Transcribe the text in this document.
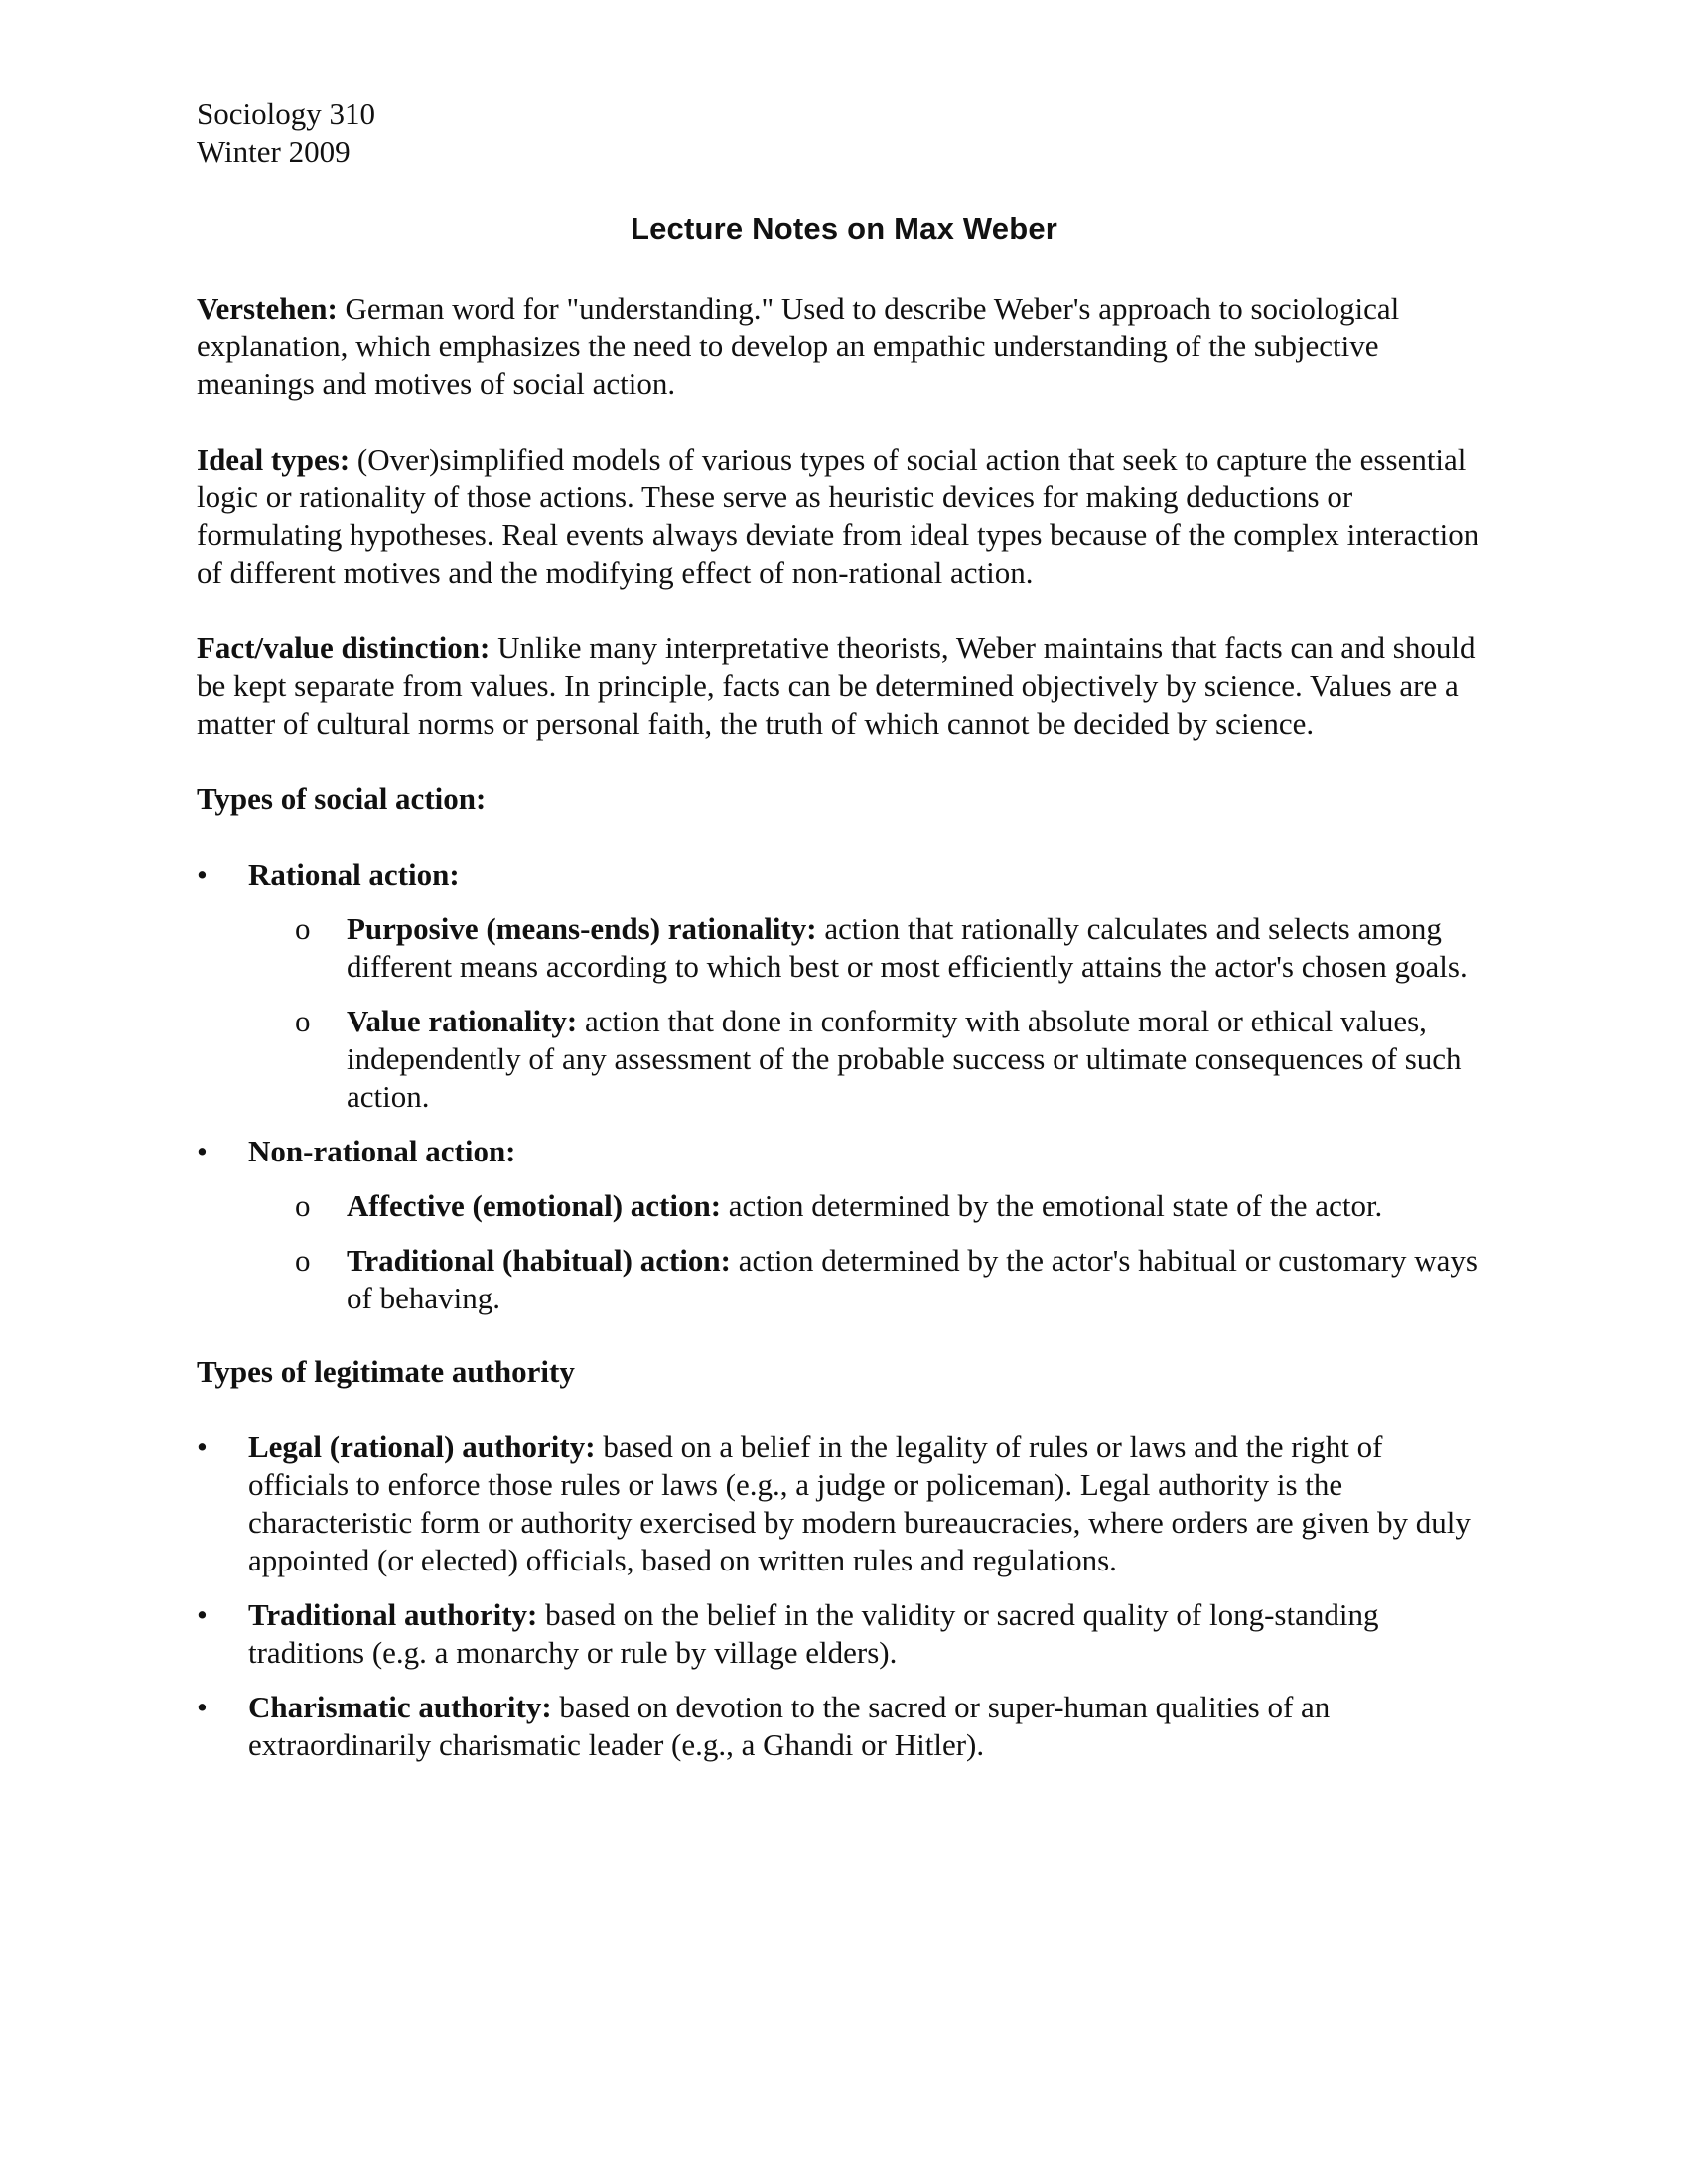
Sociology 310
Winter 2009
Lecture Notes on Max Weber

Verstehen: German word for "understanding." Used to describe Weber's approach to sociological explanation, which emphasizes the need to develop an empathic understanding of the subjective meanings and motives of social action.

Ideal types: (Over)simplified models of various types of social action that seek to capture the essential logic or rationality of those actions. These serve as heuristic devices for making deductions or formulating hypotheses. Real events always deviate from ideal types because of the complex interaction of different motives and the modifying effect of non-rational action.

Fact/value distinction: Unlike many interpretative theorists, Weber maintains that facts can and should be kept separate from values. In principle, facts can be determined objectively by science. Values are a matter of cultural norms or personal faith, the truth of which cannot be decided by science.

Types of social action:

• Rational action:
o Purposive (means-ends) rationality: action that rationally calculates and selects among different means according to which best or most efficiently attains the actor's chosen goals.
o Value rationality: action that done in conformity with absolute moral or ethical values, independently of any assessment of the probable success or ultimate consequences of such action.
• Non-rational action:
o Affective (emotional) action: action determined by the emotional state of the actor.
o Traditional (habitual) action: action determined by the actor's habitual or customary ways of behaving.

Types of legitimate authority

• Legal (rational) authority: based on a belief in the legality of rules or laws and the right of officials to enforce those rules or laws (e.g., a judge or policeman). Legal authority is the characteristic form or authority exercised by modern bureaucracies, where orders are given by duly appointed (or elected) officials, based on written rules and regulations.
• Traditional authority: based on the belief in the validity or sacred quality of long-standing traditions (e.g. a monarchy or rule by village elders).
• Charismatic authority: based on devotion to the sacred or super-human qualities of an extraordinarily charismatic leader (e.g., a Ghandi or Hitler).
